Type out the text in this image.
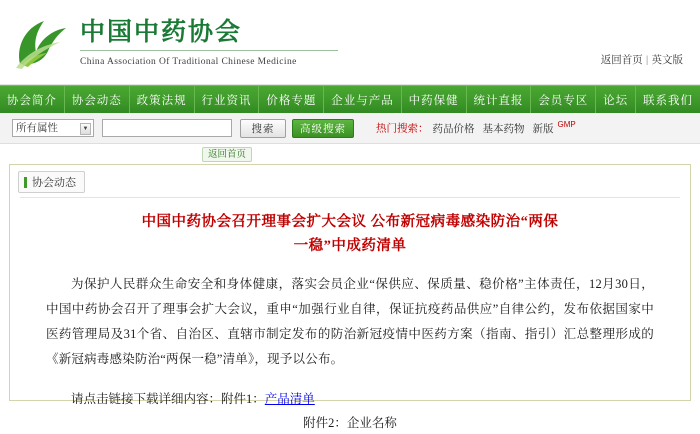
中国中药协会
China Association Of Traditional Chinese Medicine	返回首页 | 英文版
协会简介	协会动态	政策法规	行业资讯	价格专题	企业与产品	中药保健	统计直报	会员专区	论坛	联系我们
所有属性	▼	搜索	高级搜索	热门搜索： 药品价格 基本药物 新版 $^{GMP}$
返回首页
协会动态
中国中药协会召开理事会扩大会议 公布新冠病毒感染防治“两保
一稳”中成药清单
为保护人民群众生命安全和身体健康，落实会员企业“保供应、保质量、稳价格”主体责任，12月30日，中国中药协会召开了理事会扩大会议，重申“加强行业自律，保证抗疫药品供应”自律公约，发布依据国家中医药管理局及31个省、自治区、直辖市制定发布的防治新冠疫情中医药方案（指南、指引）汇总整理形成的《新冠病毒感染防治“两保一稳”清单》，现予以公布。
请点击链接下载详细内容：附件1：产品清单
附件2：企业名称
